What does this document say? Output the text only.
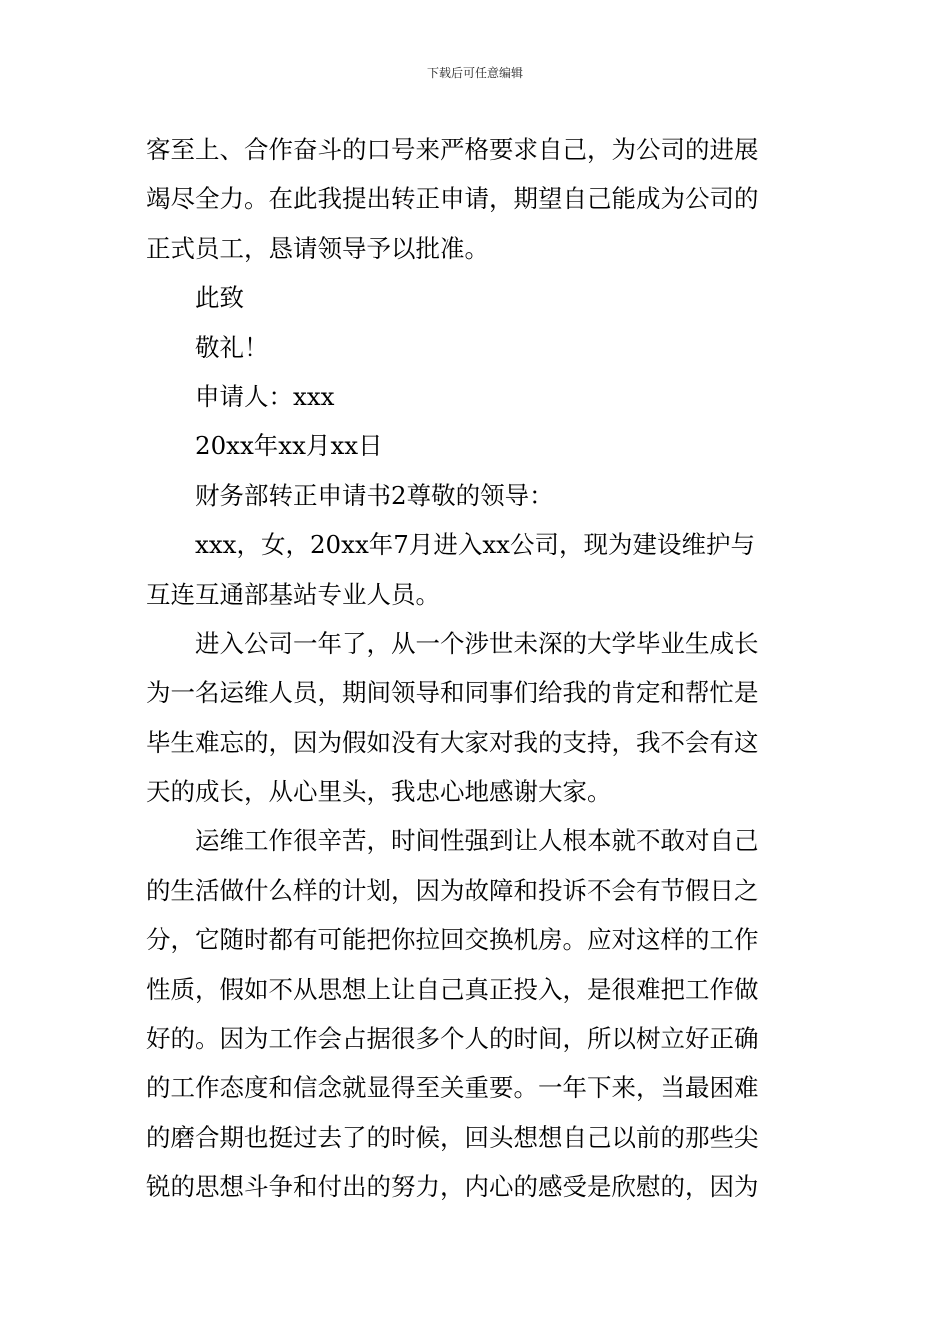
下载后可任意编辑
客至上、合作奋斗的口号来严格要求自己，为公司的进展
竭尽全力。在此我提出转正申请，期望自己能成为公司的
正式员工，恳请领导予以批准。
此致
敬礼！
申请人：xxx
20xx年xx月xx日
财务部转正申请书2尊敬的领导：
xxx，女，20xx年7月进入xx公司，现为建设维护与
互连互通部基站专业人员。
进入公司一年了，从一个涉世未深的大学毕业生成长
为一名运维人员，期间领导和同事们给我的肯定和帮忙是
毕生难忘的，因为假如没有大家对我的支持，我不会有这
天的成长，从心里头，我忠心地感谢大家。
运维工作很辛苦，时间性强到让人根本就不敢对自己
的生活做什么样的计划，因为故障和投诉不会有节假日之
分，它随时都有可能把你拉回交换机房。应对这样的工作
性质，假如不从思想上让自己真正投入，是很难把工作做
好的。因为工作会占据很多个人的时间，所以树立好正确
的工作态度和信念就显得至关重要。一年下来，当最困难
的磨合期也挺过去了的时候，回头想想自己以前的那些尖
锐的思想斗争和付出的努力，内心的感受是欣慰的，因为
